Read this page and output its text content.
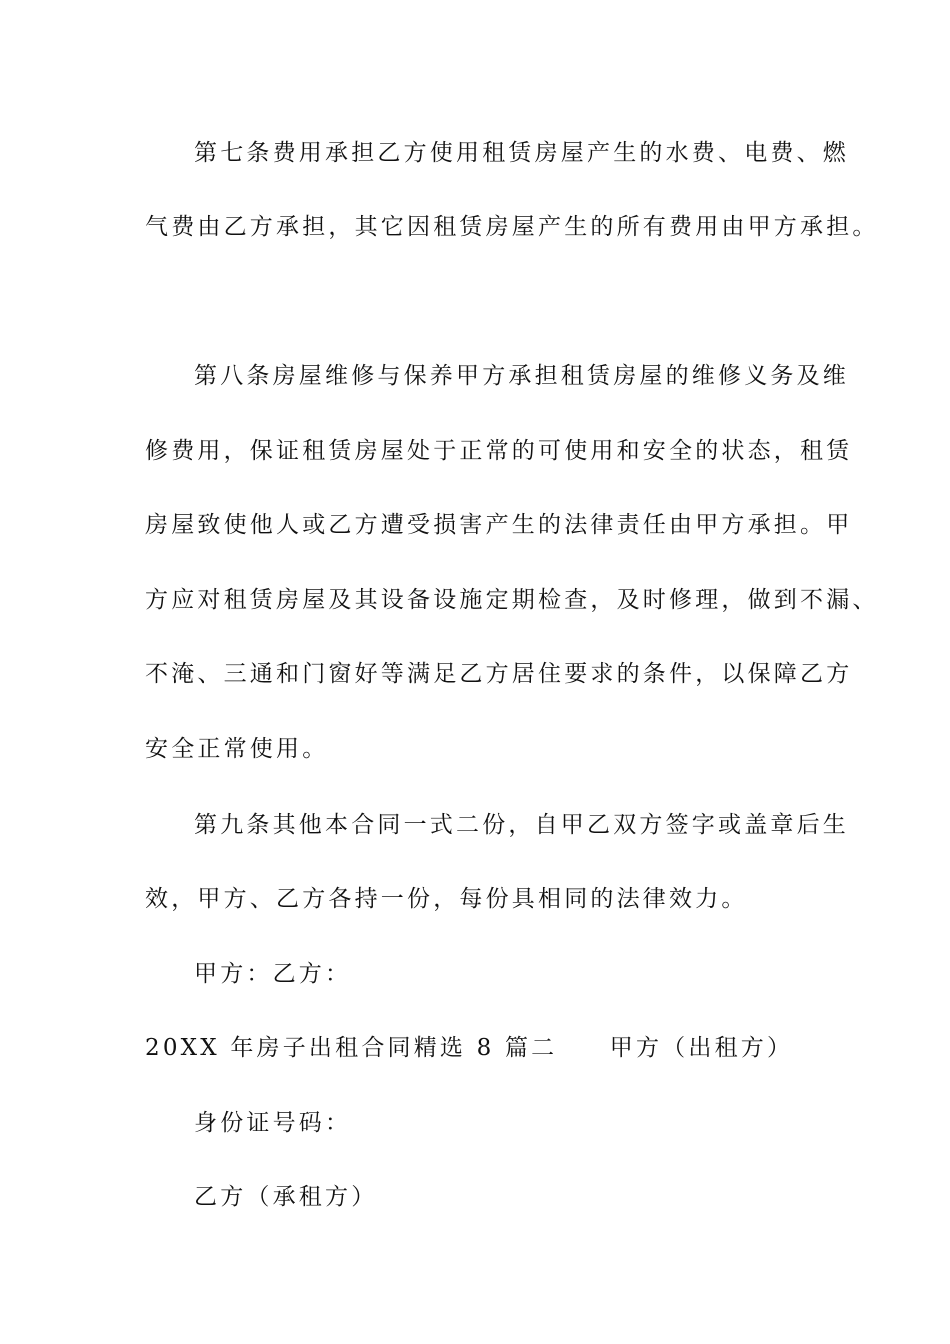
第七条费用承担乙方使用租赁房屋产生的水费、电费、燃
气费由乙方承担，其它因租赁房屋产生的所有费用由甲方承担。
第八条房屋维修与保养甲方承担租赁房屋的维修义务及维
修费用，保证租赁房屋处于正常的可使用和安全的状态，租赁
房屋致使他人或乙方遭受损害产生的法律责任由甲方承担。甲
方应对租赁房屋及其设备设施定期检查，及时修理，做到不漏、
不淹、三通和门窗好等满足乙方居住要求的条件，以保障乙方
安全正常使用。
第九条其他本合同一式二份，自甲乙双方签字或盖章后生
效，甲方、乙方各持一份，每份具相同的法律效力。
甲方：乙方：
20XX 年房子出租合同精选 8 篇二　　甲方（出租方）
身份证号码：
乙方（承租方）
